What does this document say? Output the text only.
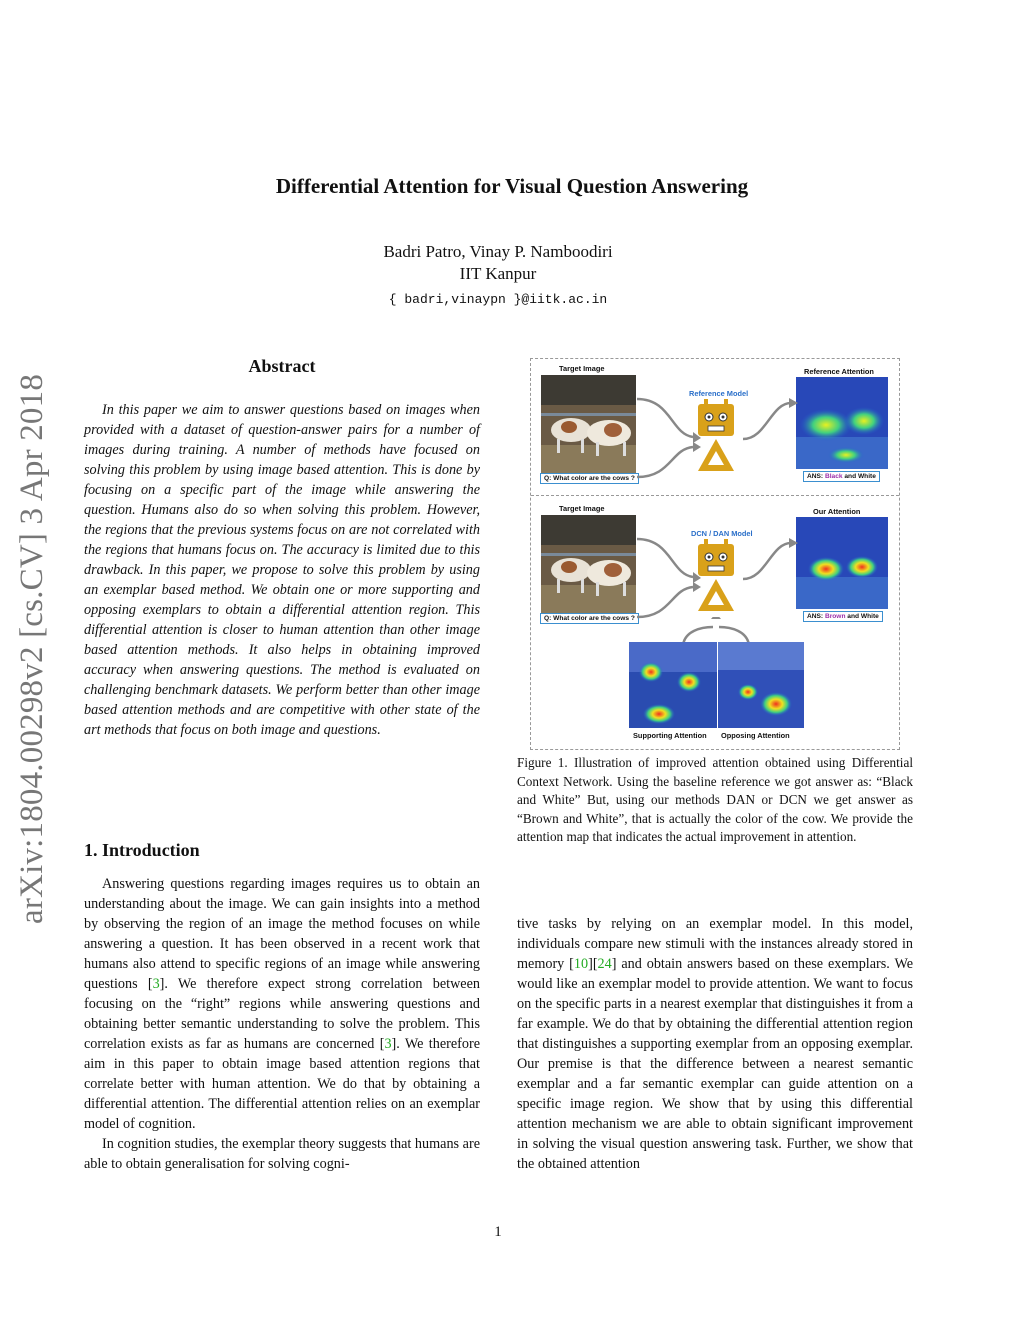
Differential Attention for Visual Question Answering
Badri Patro, Vinay P. Namboodiri
IIT Kanpur
{ badri,vinaypn }@iitk.ac.in
arXiv:1804.00298v2 [cs.CV] 3 Apr 2018
Abstract
In this paper we aim to answer questions based on images when provided with a dataset of question-answer pairs for a number of images during training. A number of methods have focused on solving this problem by using image based attention. This is done by focusing on a specific part of the image while answering the question. Humans also do so when solving this problem. However, the regions that the previous systems focus on are not correlated with the regions that humans focus on. The accuracy is limited due to this drawback. In this paper, we propose to solve this problem by using an exemplar based method. We obtain one or more supporting and opposing exemplars to obtain a differential attention region. This differential attention is closer to human attention than other image based attention methods. It also helps in obtaining improved accuracy when answering questions. The method is evaluated on challenging benchmark datasets. We perform better than other image based attention methods and are competitive with other state of the art methods that focus on both image and questions.
1. Introduction

Answering questions regarding images requires us to obtain an understanding about the image. We can gain insights into a method by observing the region of an image the method focuses on while answering a question. It has been observed in a recent work that humans also attend to specific regions of an image while answering questions [3]. We therefore expect strong correlation between focusing on the “right” regions while answering questions and obtaining better semantic understanding to solve the problem. This correlation exists as far as humans are concerned [3]. We therefore aim in this paper to obtain image based attention regions that correlate better with human attention. We do that by obtaining a differential attention. The differential attention relies on an exemplar model of cognition.

In cognition studies, the exemplar theory suggests that humans are able to obtain generalisation for solving cogni-

tive tasks by relying on an exemplar model. In this model, individuals compare new stimuli with the instances already stored in memory [10][24] and obtain answers based on these exemplars. We would like an exemplar model to provide attention. We want to focus on the specific parts in a nearest exemplar that distinguishes it from a far example. We do that by obtaining the differential attention region that distinguishes a supporting exemplar from an opposing exemplar. Our premise is that the difference between a nearest semantic exemplar and a far semantic exemplar can guide attention on a specific image region. We show that by using this differential attention mechanism we are able to obtain significant improvement in solving the visual question answering task. Further, we show that the obtained attention

Target Image	Reference Attention
Reference Model
Q: What color are the cows ?	ANS: Black and White
Target Image	Our Attention
DCN / DAN Model
Q: What color are the cows ?	ANS: Brown and White
Supporting Attention Opposing Attention
Figure 1. Illustration of improved attention obtained using Differential Context Network. Using the baseline reference we got answer as: “Black and White” But, using our methods DAN or DCN we get answer as “Brown and White”, that is actually the color of the cow. We provide the attention map that indicates the actual improvement in attention.
1
